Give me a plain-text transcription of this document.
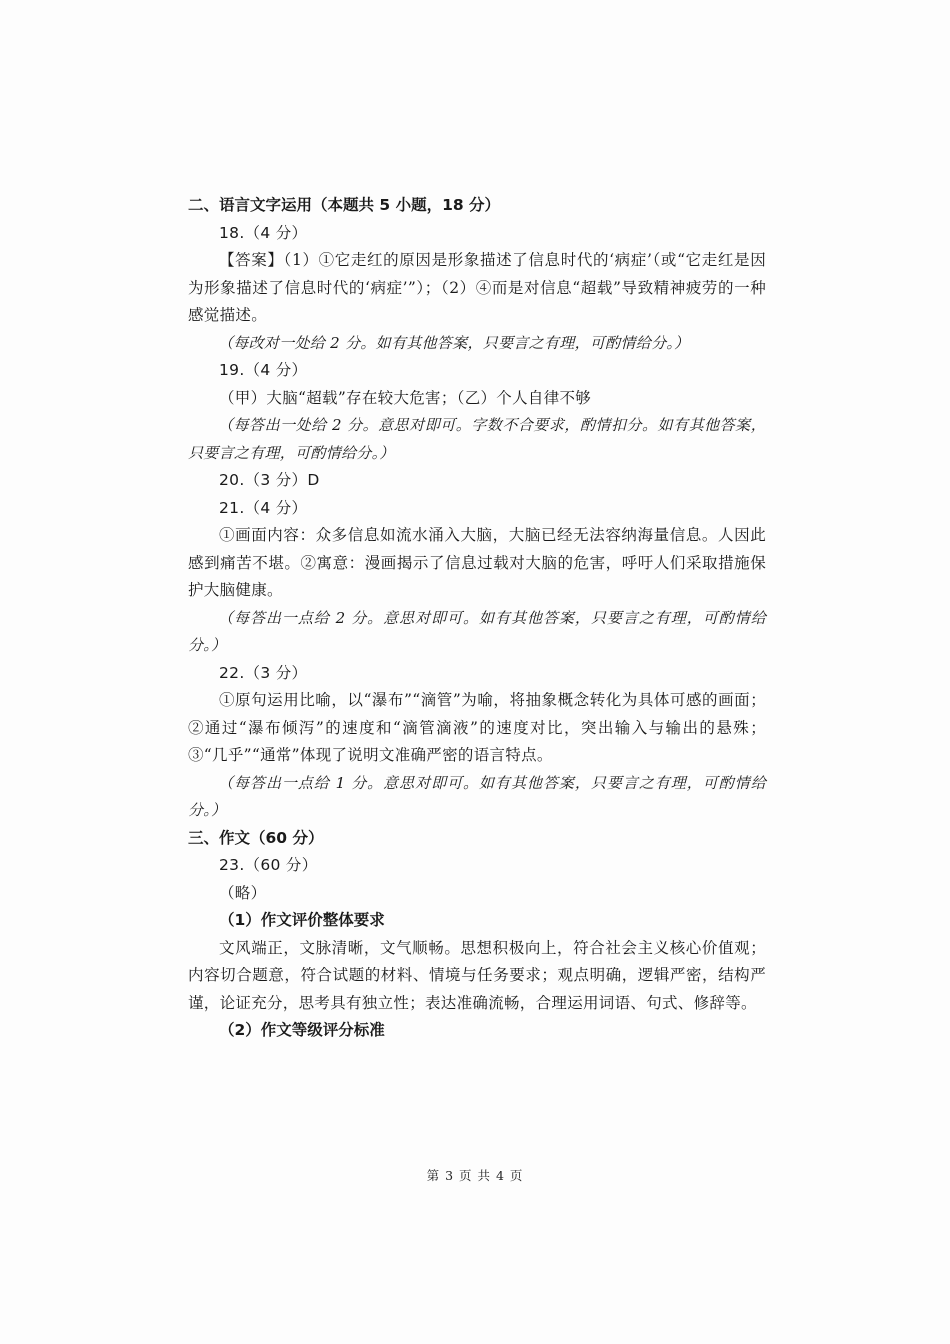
二、语言文字运用（本题共 5 小题，18 分）
18.（4 分）
【答案】（1）①它走红的原因是形象描述了信息时代的‘病症’（或“它走红是因为形象描述了信息时代的‘病症’”）；（2）④而是对信息“超载”导致精神疲劳的一种感觉描述。
（每改对一处给 2 分。如有其他答案，只要言之有理，可酌情给分。）
19.（4 分）
（甲）大脑“超载”存在较大危害；（乙）个人自律不够
（每答出一处给 2 分。意思对即可。字数不合要求，酌情扣分。如有其他答案，只要言之有理，可酌情给分。）
20.（3 分）D
21.（4 分）
①画面内容：众多信息如流水涌入大脑，大脑已经无法容纳海量信息。人因此感到痛苦不堪。②寓意：漫画揭示了信息过载对大脑的危害，呼吁人们采取措施保护大脑健康。
（每答出一点给 2 分。意思对即可。如有其他答案，只要言之有理，可酌情给分。）
22.（3 分）
①原句运用比喻，以“瀑布”“滴管”为喻，将抽象概念转化为具体可感的画面；②通过“瀑布倾泻”的速度和“滴管滴液”的速度对比，突出输入与输出的悬殊；③“几乎”“通常”体现了说明文准确严密的语言特点。
（每答出一点给 1 分。意思对即可。如有其他答案，只要言之有理，可酌情给分。）
三、作文（60 分）
23.（60 分）
（略）
（1）作文评价整体要求
文风端正，文脉清晰，文气顺畅。思想积极向上，符合社会主义核心价值观；内容切合题意，符合试题的材料、情境与任务要求；观点明确，逻辑严密，结构严谨，论证充分，思考具有独立性；表达准确流畅，合理运用词语、句式、修辞等。
（2）作文等级评分标准
第 3 页 共 4 页
